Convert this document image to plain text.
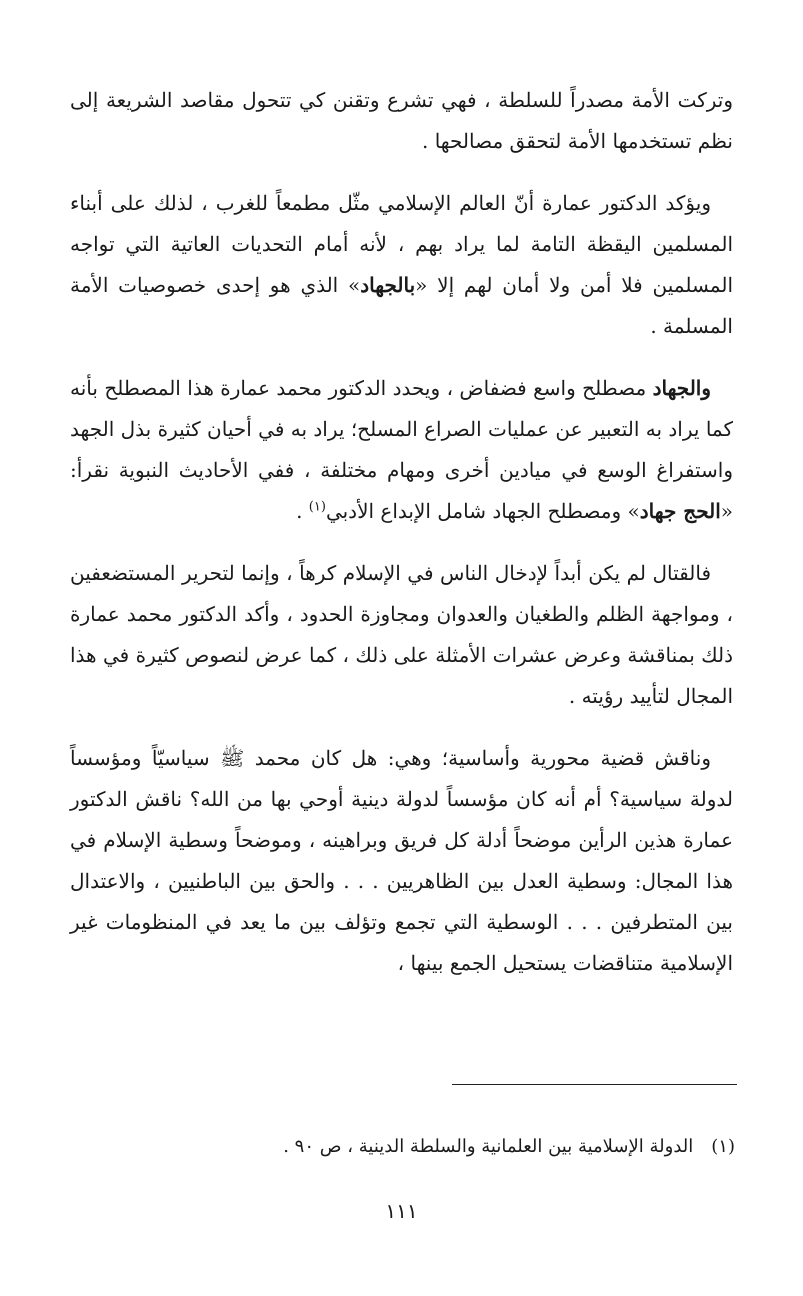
وتركت الأمة مصدراً للسلطة ، فهي تشرع وتقنن كي تتحول مقاصد الشريعة إلى نظم تستخدمها الأمة لتحقق مصالحها .

ويؤكد الدكتور عمارة أنّ العالم الإسلامي مثّل مطمعاً للغرب ، لذلك على أبناء المسلمين اليقظة التامة لما يراد بهم ، لأنه أمام التحديات العاتية التي تواجه المسلمين فلا أمن ولا أمان لهم إلا «بالجهاد» الذي هو إحدى خصوصيات الأمة المسلمة .

والجهاد مصطلح واسع فضفاض ، ويحدد الدكتور محمد عمارة هذا المصطلح بأنه كما يراد به التعبير عن عمليات الصراع المسلح؛ يراد به في أحيان كثيرة بذل الجهد واستفراغ الوسع في ميادين أخرى ومهام مختلفة ، ففي الأحاديث النبوية نقرأ: «الحج جهاد» ومصطلح الجهاد شامل الإبداع الأدبي$^{(١)}$ .

فالقتال لم يكن أبداً لإدخال الناس في الإسلام كرهاً ، وإنما لتحرير المستضعفين ، ومواجهة الظلم والطغيان والعدوان ومجاوزة الحدود ، وأكد الدكتور محمد عمارة ذلك بمناقشة وعرض عشرات الأمثلة على ذلك ، كما عرض لنصوص كثيرة في هذا المجال لتأييد رؤيته .

وناقش قضية محورية وأساسية؛ وهي: هل كان محمد ﷺ سياسيّاً ومؤسساً لدولة سياسية؟ أم أنه كان مؤسساً لدولة دينية أوحي بها من الله؟ ناقش الدكتور عمارة هذين الرأين موضحاً أدلة كل فريق وبراهينه ، وموضحاً وسطية الإسلام في هذا المجال: وسطية العدل بين الظاهريين . . . والحق بين الباطنيين ، والاعتدال بين المتطرفين . . . الوسطية التي تجمع وتؤلف بين ما يعد في المنظومات غير الإسلامية متناقضات يستحيل الجمع بينها ،

(١)الدولة الإسلامية بين العلمانية والسلطة الدينية ، ص ٩٠ .
١١١
